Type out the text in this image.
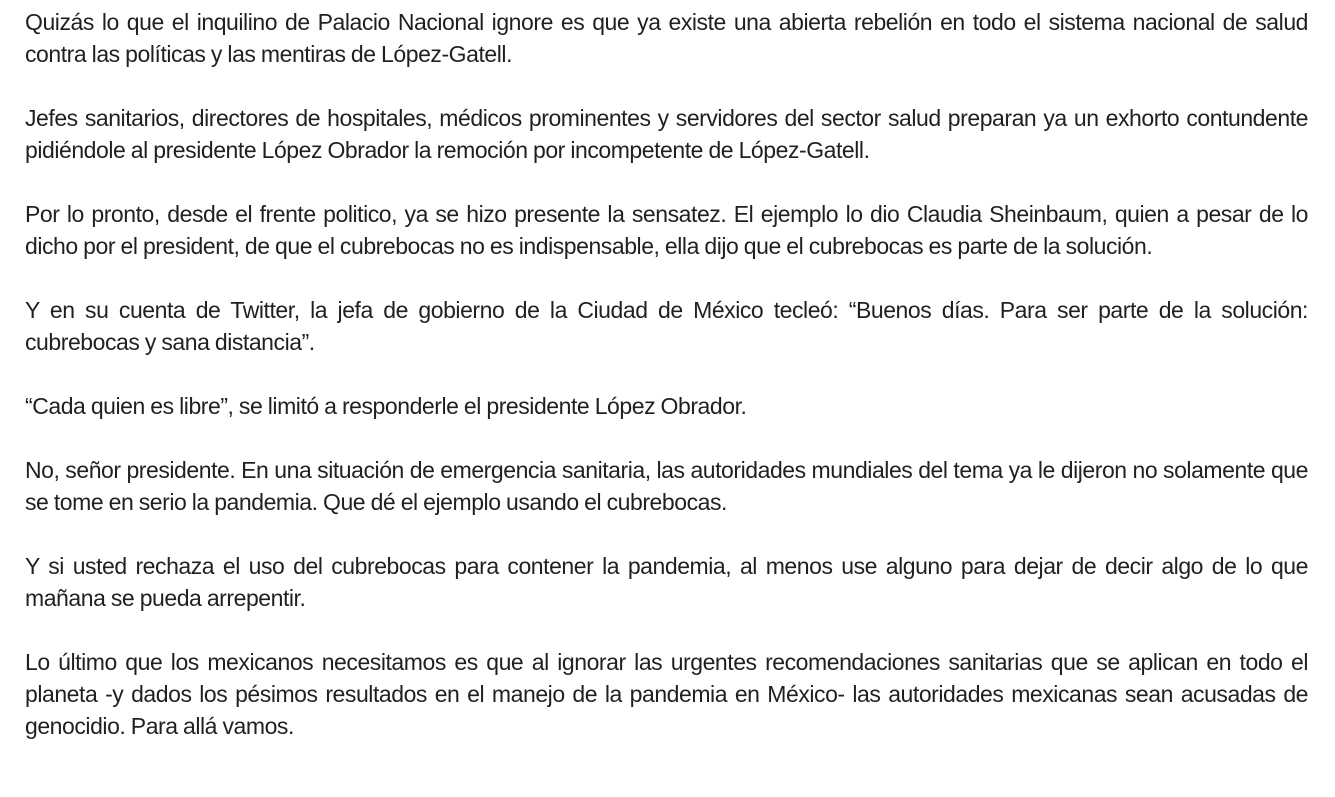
Quizás lo que el inquilino de Palacio Nacional ignore es que ya existe una abierta rebelión en todo el sistema nacional de salud contra las políticas y las mentiras de López-Gatell.

Jefes sanitarios, directores de hospitales, médicos prominentes y servidores del sector salud preparan ya un exhorto contundente pidiéndole al presidente López Obrador la remoción por incompetente de López-Gatell.

Por lo pronto, desde el frente politico, ya se hizo presente la sensatez. El ejemplo lo dio Claudia Sheinbaum, quien a pesar de lo dicho por el president, de que el cubrebocas no es indispensable, ella dijo que el cubrebocas es parte de la solución.

Y en su cuenta de Twitter, la jefa de gobierno de la Ciudad de México tecleó: “Buenos días. Para ser parte de la solución: cubrebocas y sana distancia”.

“Cada quien es libre”, se limitó a responderle el presidente López Obrador.

No, señor presidente. En una situación de emergencia sanitaria, las autoridades mundiales del tema ya le dijeron no solamente que se tome en serio la pandemia. Que dé el ejemplo usando el cubrebocas.

Y si usted rechaza el uso del cubrebocas para contener la pandemia, al menos use alguno para dejar de decir algo de lo que mañana se pueda arrepentir.

Lo último que los mexicanos necesitamos es que al ignorar las urgentes recomendaciones sanitarias que se aplican en todo el planeta -y dados los pésimos resultados en el manejo de la pandemia en México- las autoridades mexicanas sean acusadas de genocidio. Para allá vamos.
